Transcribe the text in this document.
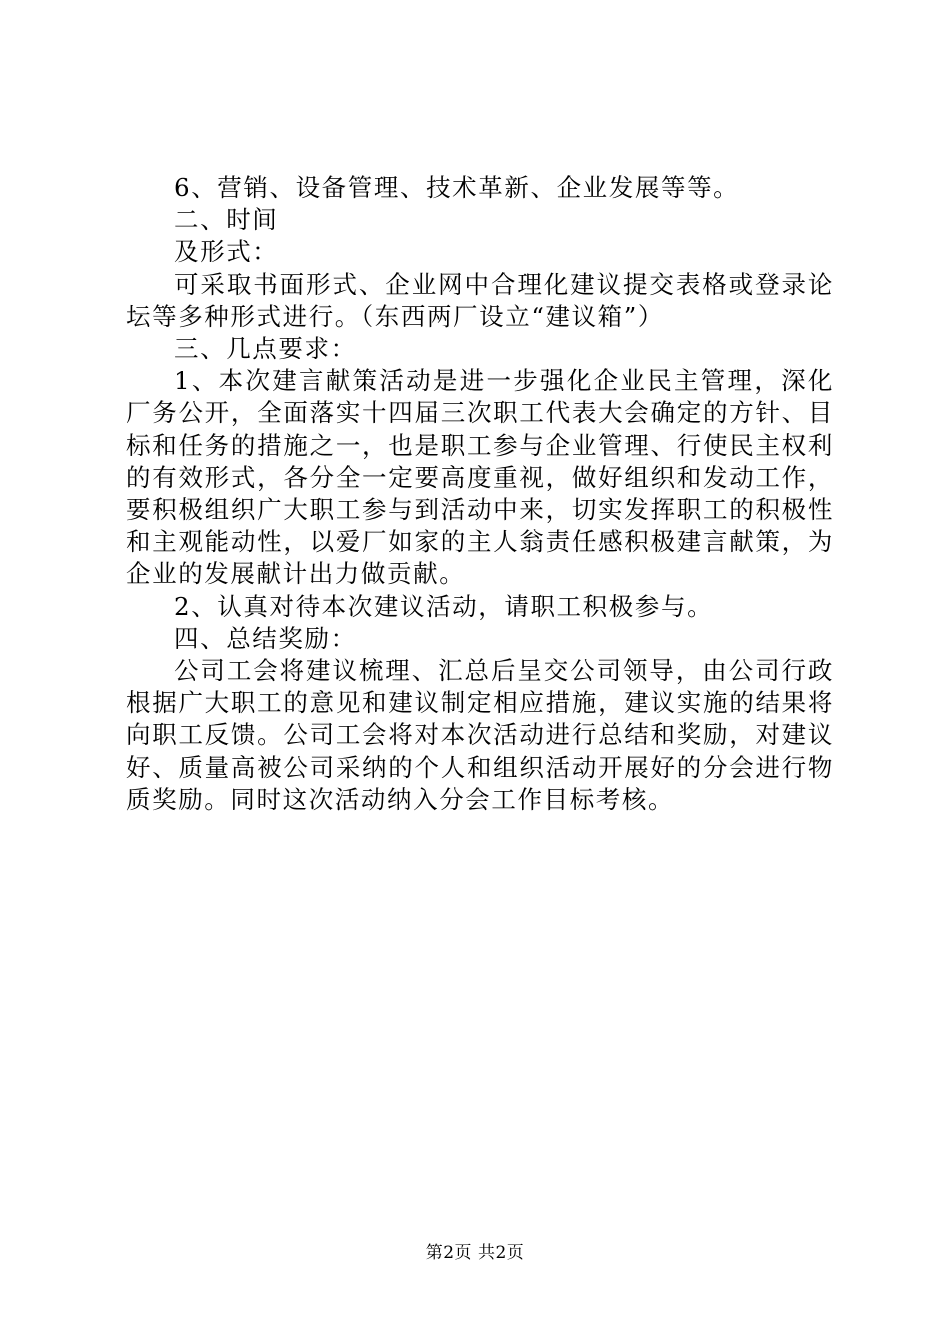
6、营销、设备管理、技术革新、企业发展等等。

二、时间

及形式：

可采取书面形式、企业网中合理化建议提交表格或登录论坛等多种形式进行。（东西两厂设立“建议箱”）

三、几点要求：

1、本次建言献策活动是进一步强化企业民主管理，深化厂务公开，全面落实十四届三次职工代表大会确定的方针、目标和任务的措施之一，也是职工参与企业管理、行使民主权利的有效形式，各分全一定要高度重视，做好组织和发动工作，要积极组织广大职工参与到活动中来，切实发挥职工的积极性和主观能动性，以爱厂如家的主人翁责任感积极建言献策，为企业的发展献计出力做贡献。

2、认真对待本次建议活动，请职工积极参与。

四、总结奖励：

公司工会将建议梳理、汇总后呈交公司领导，由公司行政根据广大职工的意见和建议制定相应措施，建议实施的结果将向职工反馈。公司工会将对本次活动进行总结和奖励，对建议好、质量高被公司采纳的个人和组织活动开展好的分会进行物质奖励。同时这次活动纳入分会工作目标考核。

第2页 共2页
